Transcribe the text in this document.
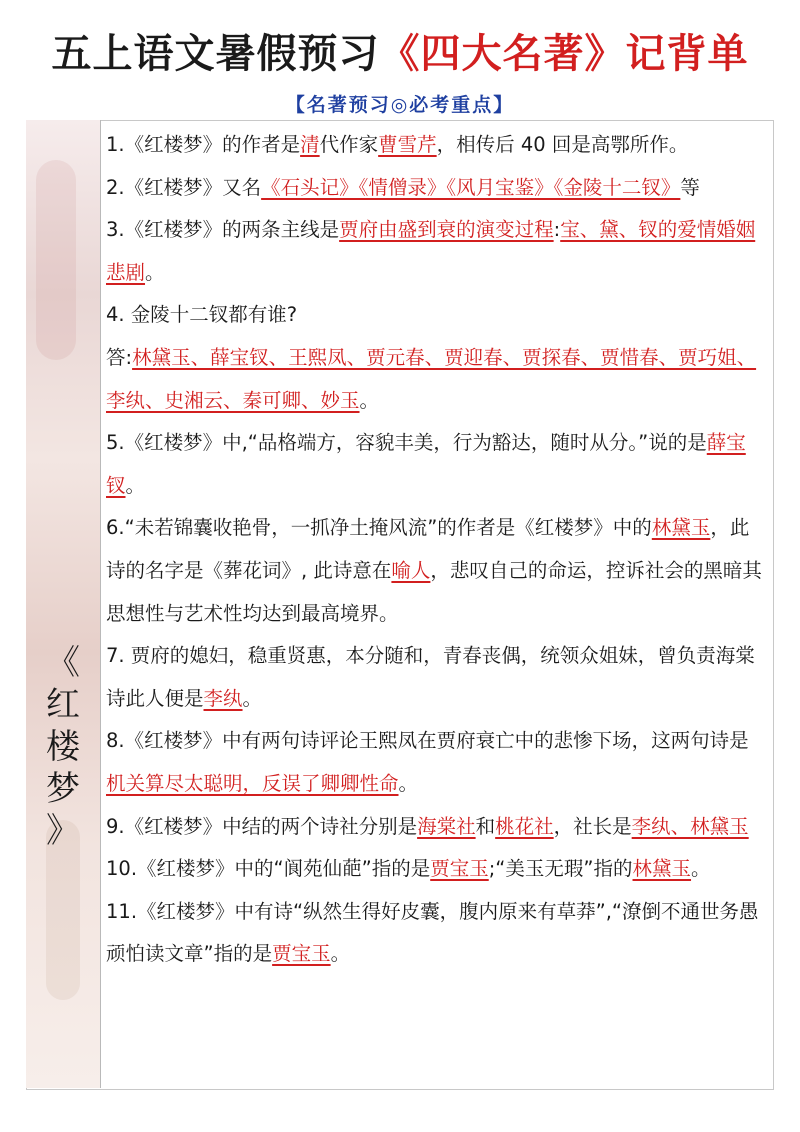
五上语文暑假预习《四大名著》记背单
【名著预习◎必考重点】
《
红
楼
梦
》

1.《红楼梦》的作者是清代作家曹雪芹，相传后 40 回是高鄂所作。

2.《红楼梦》又名《石头记》《情僧录》《风月宝鉴》《金陵十二钗》等

3.《红楼梦》的两条主线是贾府由盛到衰的演变过程:宝、黛、钗的爱情婚姻悲剧。

4. 金陵十二钗都有谁?

答:林黛玉、薛宝钗、王熙凤、贾元春、贾迎春、贾探春、贾惜春、贾巧姐、李纨、史湘云、秦可卿、妙玉。

5.《红楼梦》中,“品格端方，容貌丰美，行为豁达，随时从分。”说的是薛宝钗。

6.“未若锦囊收艳骨，一抓净土掩风流”的作者是《红楼梦》中的林黛玉，此诗的名字是《葬花词》, 此诗意在喻人，悲叹自己的命运，控诉社会的黑暗其思想性与艺术性均达到最高境界。

7. 贾府的媳妇，稳重贤惠，本分随和，青春丧偶，统领众姐妹，曾负责海棠诗此人便是李纨。

8.《红楼梦》中有两句诗评论王熙凤在贾府衰亡中的悲惨下场，这两句诗是机关算尽太聪明，反误了卿卿性命。

9.《红楼梦》中结的两个诗社分别是海棠社和桃花社，社长是李纨、林黛玉

10.《红楼梦》中的“阆苑仙葩”指的是贾宝玉;“美玉无瑕”指的林黛玉。

11.《红楼梦》中有诗“纵然生得好皮囊，腹内原来有草莽”,“潦倒不通世务愚顽怕读文章”指的是贾宝玉。
